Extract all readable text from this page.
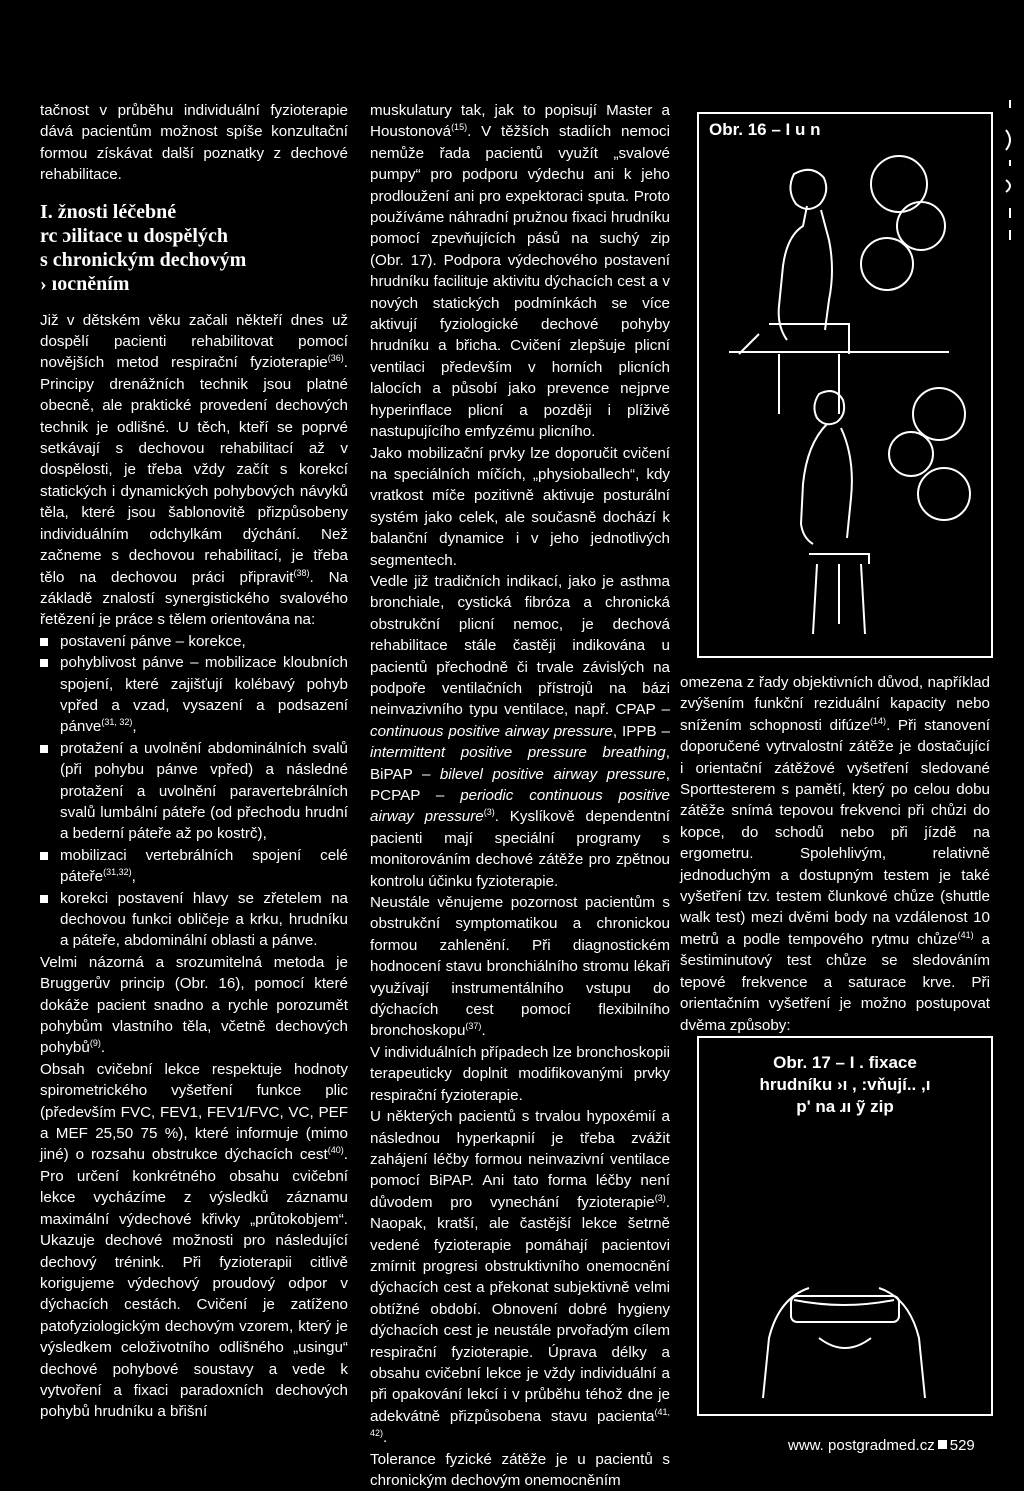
tačnost v průběhu individuální fyzioterapie dává pacientům možnost spíše konzultační formou získávat další poznatky z dechové rehabilitace.

I. žnosti léčebné
rc ɔilitace u dospělých
s chronickým dechovým
› ıocněním

Již v dětském věku začali někteří dnes už dospělí pacienti rehabilitovat pomocí novějších metod respirační fyzioterapie$^{(36)}$. Principy drenážních technik jsou platné obecně, ale praktické provedení dechových technik je odlišné. U těch, kteří se poprvé setkávají s dechovou rehabilitací až v dospělosti, je třeba vždy začít s korekcí statických i dynamických pohybových návyků těla, které jsou šablonovitě přizpůsobeny individuálním odchylkám dýchání. Než začneme s dechovou rehabilitací, je třeba tělo na dechovou práci připravit$^{(38)}$. Na základě znalostí synergistického svalového řetězení je práce s tělem orientována na:

postavení pánve – korekce,
pohyblivost pánve – mobilizace kloubních spojení, které zajišťují kolébavý pohyb vpřed a vzad, vysazení a podsazení pánve$^{(31, 32)}$,
protažení a uvolnění abdominálních svalů (při pohybu pánve vpřed) a následné protažení a uvolnění paravertebrálních svalů lumbální páteře (od přechodu hrudní a bederní páteře až po kostrč),
mobilizaci vertebrálních spojení celé páteře$^{(31,32)}$,
korekci postavení hlavy se zřetelem na dechovou funkci obličeje a krku, hrudníku a páteře, abdominální oblasti a pánve.

Velmi názorná a srozumitelná metoda je Bruggerův princip (Obr. 16), pomocí které dokáže pacient snadno a rychle porozumět pohybům vlastního těla, včetně dechových pohybů$^{(9)}$.

Obsah cvičební lekce respektuje hodnoty spirometrického vyšetření funkce plic (především FVC, FEV1, FEV1/FVC, VC, PEF a MEF 25,50 75 %), které informuje (mimo jiné) o rozsahu obstrukce dýchacích cest$^{(40)}$. Pro určení konkrétného obsahu cvičební lekce vycházíme z výsledků záznamu maximální výdechové křivky „průtokobjem“. Ukazuje dechové možnosti pro následující dechový trénink. Při fyzioterapii citlivě korigujeme výdechový proudový odpor v dýchacích cestách. Cvičení je zatíženo patofyziologickým dechovým vzorem, který je výsledkem celoživotního odlišného „usingu“ dechové pohybové soustavy a vede k vytvoření a fixaci paradoxních dechových pohybů hrudníku a břišní

muskulatury tak, jak to popisují Master a Houstonová$^{(15)}$. V těžších stadiích nemoci nemůže řada pacientů využít „svalové pumpy“ pro podporu výdechu ani k jeho prodloužení ani pro expektoraci sputa. Proto používáme náhradní pružnou fixaci hrudníku pomocí zpevňujících pásů na suchý zip (Obr. 17). Podpora výdechového postavení hrudníku facilituje aktivitu dýchacích cest a v nových statických podmínkách se více aktivují fyziologické dechové pohyby hrudníku a břicha. Cvičení zlepšuje plicní ventilaci především v horních plicních lalocích a působí jako prevence nejprve hyperinflace plicní a později i plíživě nastupujícího emfyzému plicního.

Jako mobilizační prvky lze doporučit cvičení na speciálních míčích, „physioballech“, kdy vratkost míče pozitivně aktivuje posturální systém jako celek, ale současně dochází k balanční dynamice i v jeho jednotlivých segmentech.

Vedle již tradičních indikací, jako je asthma bronchiale, cystická fibróza a chronická obstrukční plicní nemoc, je dechová rehabilitace stále častěji indikována u pacientů přechodně či trvale závislých na podpoře ventilačních přístrojů na bázi neinvazivního typu ventilace, např. CPAP – continuous positive airway pressure, IPPB – intermittent positive pressure breathing, BiPAP – bilevel positive airway pressure, PCPAP – periodic continuous positive airway pressure$^{(3)}$. Kyslíkově dependentní pacienti mají speciální programy s monitorováním dechové zátěže pro zpětnou kontrolu účinku fyzioterapie.

Neustále věnujeme pozornost pacientům s obstrukční symptomatikou a chronickou formou zahlenění. Při diagnostickém hodnocení stavu bronchiálního stromu lékaři využívají instrumentálního vstupu do dýchacích cest pomocí flexibilního bronchoskopu$^{(37)}$.

V individuálních případech lze bronchoskopii terapeuticky doplnit modifikovanými prvky respirační fyzioterapie.

U některých pacientů s trvalou hypoxémií a následnou hyperkapnií je třeba zvážit zahájení léčby formou neinvazivní ventilace pomocí BiPAP. Ani tato forma léčby není důvodem pro vynechání fyzioterapie$^{(3)}$. Naopak, kratší, ale častější lekce šetrně vedené fyzioterapie pomáhají pacientovi zmírnit progresi obstruktivního onemocnění dýchacích cest a překonat subjektivně velmi obtížné období. Obnovení dobré hygieny dýchacích cest je neustále prvořadým cílem respirační fyzioterapie. Úprava délky a obsahu cvičební lekce je vždy individuální a při opakování lekcí i v průběhu téhož dne je adekvátně přizpůsobena stavu pacienta$^{(41, 42)}$.

Tolerance fyzické zátěže je u pacientů s chronickým dechovým onemocněním

Obr. 16 – I u n

omezena z řady objektivních důvod, například zvýšením funkční reziduální kapacity nebo snížením schopnosti difúze$^{(14)}$. Při stanovení doporučené vytrvalostní zátěže je dostačující i orientační zátěžové vyšetření sledované Sporttesterem s pamětí, který po celou dobu zátěže snímá tepovou frekvenci při chůzi do kopce, do schodů nebo při jízdě na ergometru. Spolehlivým, relativně jednoduchým a dostupným testem je také vyšetření tzv. testem člunkové chůze (shuttle walk test) mezi dvěmi body na vzdálenost 10 metrů a podle tempového rytmu chůze$^{(41)}$ a šestiminutový test chůze se sledováním tepové frekvence a saturace krve. Při orientačním vyšetření je možno postupovat dvěma způsoby:

Obr. 17 – I . fixace
hrudníku ›ı , :vňují.. ,ı
p' na ɹı ỹ zip
www. postgradmed.cz 529
